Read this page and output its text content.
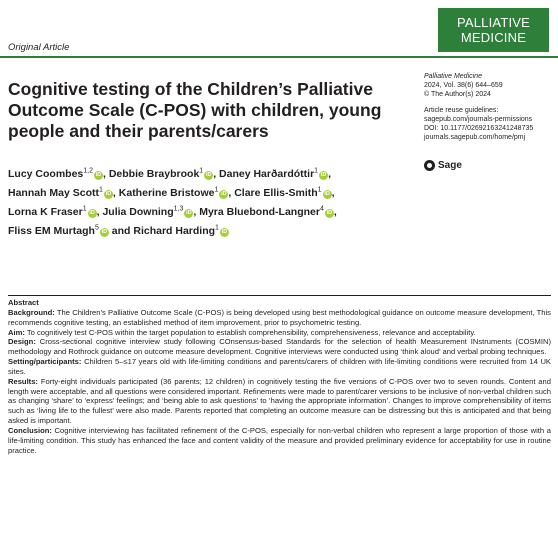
PALLIATIVE
MEDICINE
Original Article
Palliative Medicine
2024, Vol. 38(6) 644–659
© The Author(s) 2024
Article reuse guidelines:
sagepub.com/journals-permissions
DOI: 10.1177/02692163241248735
journals.sagepub.com/home/pmj
Sage
Cognitive testing of the Children’s Palliative Outcome Scale (C-POS) with children, young people and their parents/carers
Lucy Coombes$^{1,2}$iD , Debbie Braybrook$^1$iD , Daney Harðardóttir$^1$iD ,
Hannah May Scott$^1$iD , Katherine Bristowe$^1$iD , Clare Ellis-Smith$^1$iD ,
Lorna K Fraser$^1$iD , Julia Downing$^{1,3}$iD , Myra Bluebond-Langner$^4$iD ,
Fliss EM Murtagh$^5$iD and Richard Harding$^1$iD

Abstract

Background: The Children’s Palliative Outcome Scale (C-POS) is being developed using best methodological guidance on outcome measure development, This recommends cognitive testing, an established method of item improvement, prior to psychometric testing.

Aim: To cognitively test C-POS within the target population to establish comprehensibility, comprehensiveness, relevance and acceptability.

Design: Cross-sectional cognitive interview study following COnsensus-based Standards for the selection of health Measurement INstruments (COSMIN) methodology and Rothrock guidance on outcome measure development. Cognitive interviews were conducted using ‘think aloud’ and verbal probing techniques.

Setting/participants: Children 5–≤17 years old with life-limiting conditions and parents/carers of children with life-limiting conditions were recruited from 14 UK sites.

Results: Forty-eight individuals participated (36 parents; 12 children) in cognitively testing the five versions of C-POS over two to seven rounds. Content and length were acceptable, and all questions were considered important. Refinements were made to parent/carer versions to be inclusive of non-verbal children such as changing ‘share’ to ‘express’ feelings; and ‘being able to ask questions’ to ‘having the appropriate information’. Changes to improve comprehensibility of items such as ‘living life to the fullest’ were also made. Parents reported that completing an outcome measure can be distressing but this is anticipated and that being asked is important.

Conclusion: Cognitive interviewing has facilitated refinement of the C-POS, especially for non-verbal children who represent a large proportion of those with a life-limiting condition. This study has enhanced the face and content validity of the measure and provided preliminary evidence for acceptability for use in routine practice.
